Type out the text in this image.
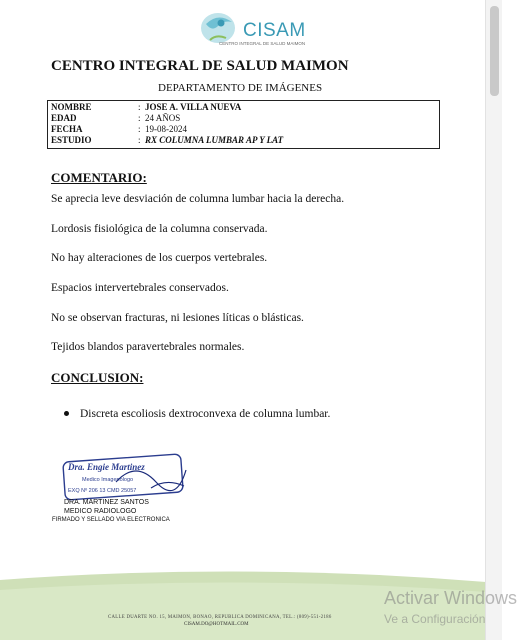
CISAM
CENTRO INTEGRAL DE SALUD MAIMON
CENTRO INTEGRAL DE SALUD MAIMON
DEPARTAMENTO DE IMÁGENES
NOMBRE	: JOSE A. VILLA NUEVA
EDAD	: 24 AÑOS
FECHA	: 19-08-2024
ESTUDIO	: RX COLUMNA LUMBAR AP Y LAT
COMENTARIO:
Se aprecia leve desviación de columna lumbar hacia la derecha.
Lordosis fisiológica de la columna conservada.
No hay alteraciones de los cuerpos vertebrales.
Espacios intervertebrales conservados.
No se observan fracturas, ni lesiones líticas o blásticas.
Tejidos blandos paravertebrales normales.
CONCLUSION:
Discreta escoliosis dextroconvexa de columna lumbar.
Dra. Engie Martinez
Medico Imagenologo
EXQ Nº 206 13 CMD 25057
DRA. MARTINEZ SANTOS
MEDICO RADIOLOGO
FIRMADO Y SELLADO VIA ELECTRONICA
CALLE DUARTE NO. 15, MAIMON, BONAO, REPUBLICA DOMINICANA, TEL.: (809)-551-2186
CISAM.DO@HOTMAIL.COM
Activar Windows
Ve a Configuración
